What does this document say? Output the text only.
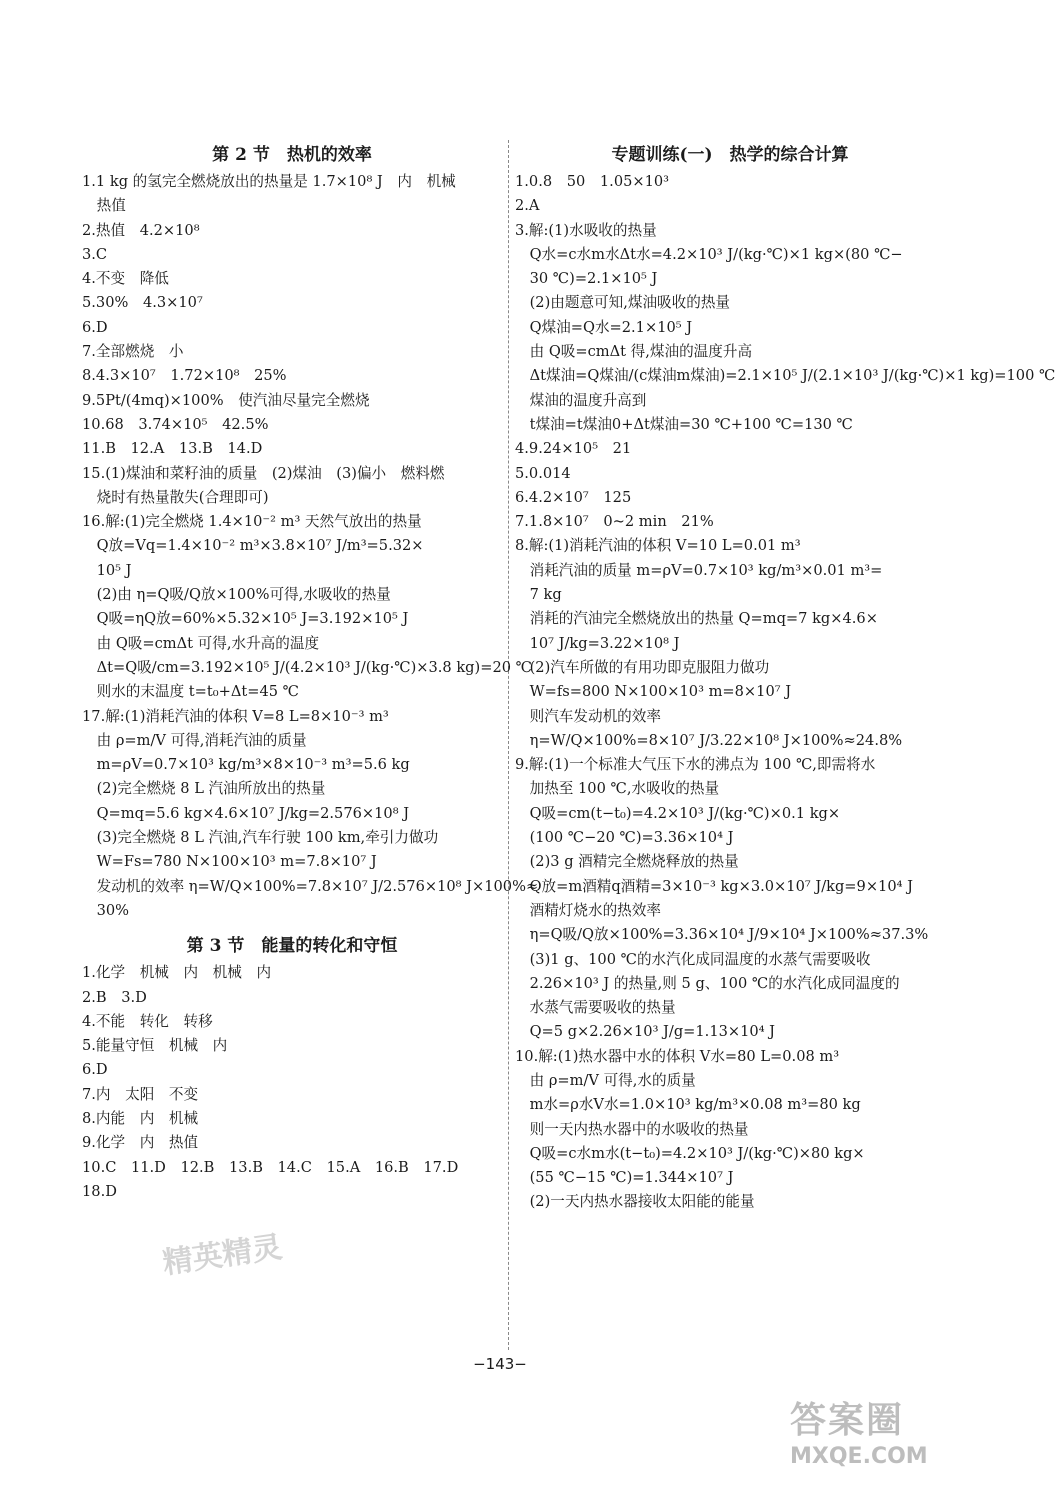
第 2 节　热机的效率
1.1 kg 的氢完全燃烧放出的热量是 1.7×10⁸ J　内　机械
　热值
2.热值　4.2×10⁸
3.C
4.不变　降低
5.30%　4.3×10⁷
6.D
7.全部燃烧　小
8.4.3×10⁷　1.72×10⁸　25%
9.5Pt/(4mq)×100%　使汽油尽量完全燃烧
10.68　3.74×10⁵　42.5%
11.B　12.A　13.B　14.D
15.(1)煤油和菜籽油的质量　(2)煤油　(3)偏小　燃料燃
　烧时有热量散失(合理即可)
16.解:(1)完全燃烧 1.4×10⁻² m³ 天然气放出的热量
　Q放=Vq=1.4×10⁻² m³×3.8×10⁷ J/m³=5.32×
　10⁵ J
　(2)由 η=Q吸/Q放×100%可得,水吸收的热量
　Q吸=ηQ放=60%×5.32×10⁵ J=3.192×10⁵ J
　由 Q吸=cmΔt 可得,水升高的温度
　Δt=Q吸/cm=3.192×10⁵ J/(4.2×10³ J/(kg·℃)×3.8 kg)=20 ℃
　则水的末温度 t=t₀+Δt=45 ℃
17.解:(1)消耗汽油的体积 V=8 L=8×10⁻³ m³
　由 ρ=m/V 可得,消耗汽油的质量
　m=ρV=0.7×10³ kg/m³×8×10⁻³ m³=5.6 kg
　(2)完全燃烧 8 L 汽油所放出的热量
　Q=mq=5.6 kg×4.6×10⁷ J/kg=2.576×10⁸ J
　(3)完全燃烧 8 L 汽油,汽车行驶 100 km,牵引力做功
　W=Fs=780 N×100×10³ m=7.8×10⁷ J
　发动机的效率 η=W/Q×100%=7.8×10⁷ J/2.576×10⁸ J×100%≈
　30%
第 3 节　能量的转化和守恒
1.化学　机械　内　机械　内
2.B　3.D
4.不能　转化　转移
5.能量守恒　机械　内
6.D
7.内　太阳　不变
8.内能　内　机械
9.化学　内　热值
10.C　11.D　12.B　13.B　14.C　15.A　16.B　17.D
18.D
专题训练(一)　热学的综合计算
1.0.8　50　1.05×10³
2.A
3.解:(1)水吸收的热量
　Q水=c水m水Δt水=4.2×10³ J/(kg·℃)×1 kg×(80 ℃−
　30 ℃)=2.1×10⁵ J
　(2)由题意可知,煤油吸收的热量
　Q煤油=Q水=2.1×10⁵ J
　由 Q吸=cmΔt 得,煤油的温度升高
　Δt煤油=Q煤油/(c煤油m煤油)=2.1×10⁵ J/(2.1×10³ J/(kg·℃)×1 kg)=100 ℃
　煤油的温度升高到
　t煤油=t煤油0+Δt煤油=30 ℃+100 ℃=130 ℃
4.9.24×10⁵　21
5.0.014
6.4.2×10⁷　125
7.1.8×10⁷　0~2 min　21%
8.解:(1)消耗汽油的体积 V=10 L=0.01 m³
　消耗汽油的质量 m=ρV=0.7×10³ kg/m³×0.01 m³=
　7 kg
　消耗的汽油完全燃烧放出的热量 Q=mq=7 kg×4.6×
　10⁷ J/kg=3.22×10⁸ J
　(2)汽车所做的有用功即克服阻力做功
　W=fs=800 N×100×10³ m=8×10⁷ J
　则汽车发动机的效率
　η=W/Q×100%=8×10⁷ J/3.22×10⁸ J×100%≈24.8%
9.解:(1)一个标准大气压下水的沸点为 100 ℃,即需将水
　加热至 100 ℃,水吸收的热量
　Q吸=cm(t−t₀)=4.2×10³ J/(kg·℃)×0.1 kg×
　(100 ℃−20 ℃)=3.36×10⁴ J
　(2)3 g 酒精完全燃烧释放的热量
　Q放=m酒精q酒精=3×10⁻³ kg×3.0×10⁷ J/kg=9×10⁴ J
　酒精灯烧水的热效率
　η=Q吸/Q放×100%=3.36×10⁴ J/9×10⁴ J×100%≈37.3%
　(3)1 g、100 ℃的水汽化成同温度的水蒸气需要吸收
　2.26×10³ J 的热量,则 5 g、100 ℃的水汽化成同温度的
　水蒸气需要吸收的热量
　Q=5 g×2.26×10³ J/g=1.13×10⁴ J
10.解:(1)热水器中水的体积 V水=80 L=0.08 m³
　由 ρ=m/V 可得,水的质量
　m水=ρ水V水=1.0×10³ kg/m³×0.08 m³=80 kg
　则一天内热水器中的水吸收的热量
　Q吸=c水m水(t−t₀)=4.2×10³ J/(kg·℃)×80 kg×
　(55 ℃−15 ℃)=1.344×10⁷ J
　(2)一天内热水器接收太阳能的能量
−143−
精英精灵
答案圈
MXQE.COM
